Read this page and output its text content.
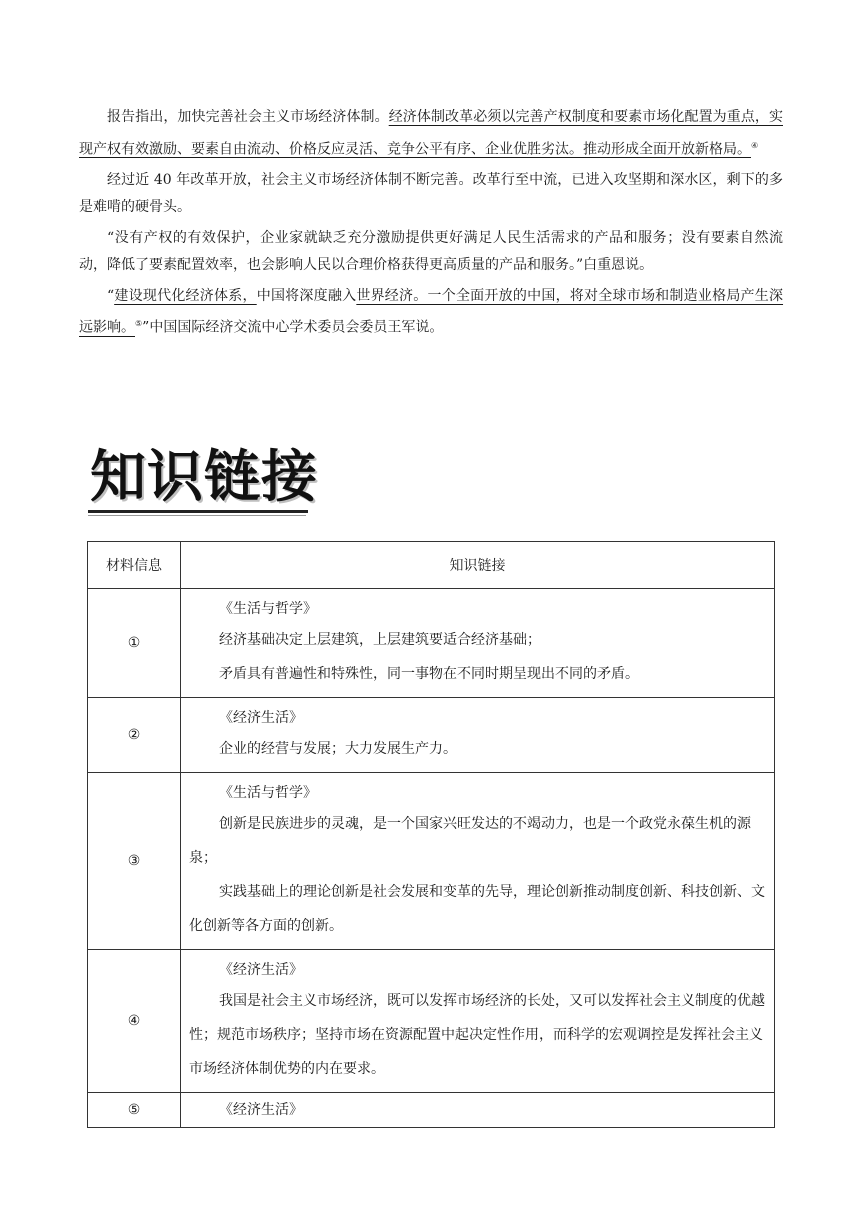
报告指出，加快完善社会主义市场经济体制。经济体制改革必须以完善产权制度和要素市场化配置为重点，实现产权有效激励、要素自由流动、价格反应灵活、竞争公平有序、企业优胜劣汰。推动形成全面开放新格局。④

经过近 40 年改革开放，社会主义市场经济体制不断完善。改革行至中流，已进入攻坚期和深水区，剩下的多是难啃的硬骨头。

“没有产权的有效保护，企业家就缺乏充分激励提供更好满足人民生活需求的产品和服务；没有要素自然流动，降低了要素配置效率，也会影响人民以合理价格获得更高质量的产品和服务。”白重恩说。

“建设现代化经济体系，中国将深度融入世界经济。一个全面开放的中国，将对全球市场和制造业格局产生深远影响。⑤”中国国际经济交流中心学术委员会委员王军说。

知识链接
材料信息	知识链接
①	《生活与哲学》
经济基础决定上层建筑，上层建筑要适合经济基础；
矛盾具有普遍性和特殊性，同一事物在不同时期呈现出不同的矛盾。

②	《经济生活》
企业的经营与发展；大力发展生产力。

③	《生活与哲学》
创新是民族进步的灵魂，是一个国家兴旺发达的不竭动力，也是一个政党永葆生机的源泉；
实践基础上的理论创新是社会发展和变革的先导，理论创新推动制度创新、科技创新、文化创新等各方面的创新。

④	《经济生活》
我国是社会主义市场经济，既可以发挥市场经济的长处，又可以发挥社会主义制度的优越性；规范市场秩序；坚持市场在资源配置中起决定性作用，而科学的宏观调控是发挥社会主义市场经济体制优势的内在要求。

⑤	《经济生活》
